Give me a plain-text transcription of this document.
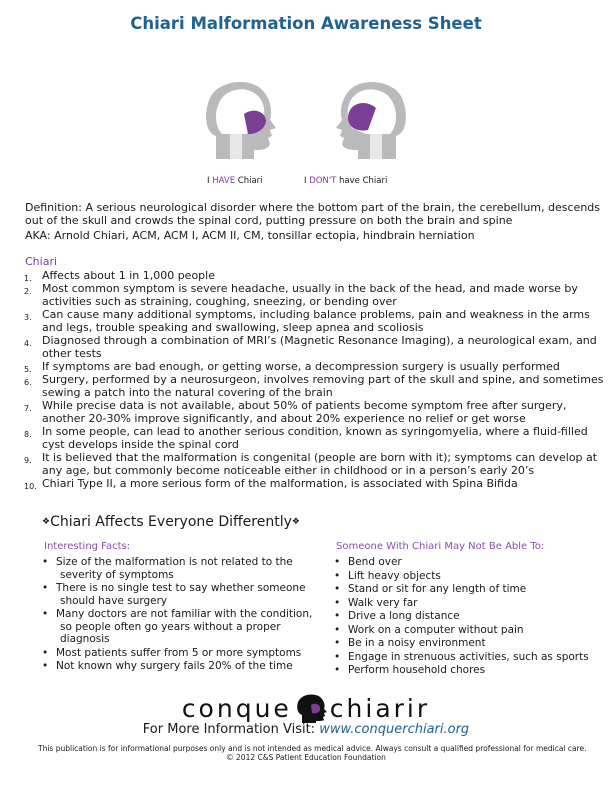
Chiari Malformation Awareness Sheet
I HAVE Chiari	I DON'T have Chiari
Definition: A serious neurological disorder where the bottom part of the brain, the cerebellum, descends out of the skull and crowds the spinal cord, putting pressure on both the brain and spine
AKA: Arnold Chiari, ACM, ACM I, ACM II, CM, tonsillar ectopia, hindbrain herniation
Chiari
1. Affects about 1 in 1,000 people
2. Most common symptom is severe headache, usually in the back of the head, and made worse by activities such as straining, coughing, sneezing, or bending over
3. Can cause many additional symptoms, including balance problems, pain and weakness in the arms and legs, trouble speaking and swallowing, sleep apnea and scoliosis
4. Diagnosed through a combination of MRI’s (Magnetic Resonance Imaging), a neurological exam, and other tests
5. If symptoms are bad enough, or getting worse, a decompression surgery is usually performed
6. Surgery, performed by a neurosurgeon, involves removing part of the skull and spine, and sometimes sewing a patch into the natural covering of the brain
7. While precise data is not available, about 50% of patients become symptom free after surgery, another 20-30% improve significantly, and about 20% experience no relief or get worse
8. In some people, can lead to another serious condition, known as syringomyelia, where a fluid-filled cyst develops inside the spinal cord
9. It is believed that the malformation is congenital (people are born with it); symptoms can develop at any age, but commonly become noticeable either in childhood or in a person’s early 20’s
10. Chiari Type II, a more serious form of the malformation, is associated with Spina Bifida
❖Chiari Affects Everyone Differently❖
Interesting Facts:
• Size of the malformation is not related to the severity of symptoms
• There is no single test to say whether someone should have surgery
• Many doctors are not familiar with the condition, so people often go years without a proper diagnosis
• Most patients suffer from 5 or more symptoms
• Not known why surgery fails 20% of the time
Someone With Chiari May Not Be Able To:
• Bend over
• Lift heavy objects
• Stand or sit for any length of time
• Walk very far
• Drive a long distance
• Work on a computer without pain
• Be in a noisy environment
• Engage in strenuous activities, such as sports
• Perform household chores
conque chiarir
For More Information Visit: www.conquerchiari.org
This publication is for informational purposes only and is not intended as medical advice. Always consult a qualified professional for medical care.
© 2012 C&S Patient Education Foundation
